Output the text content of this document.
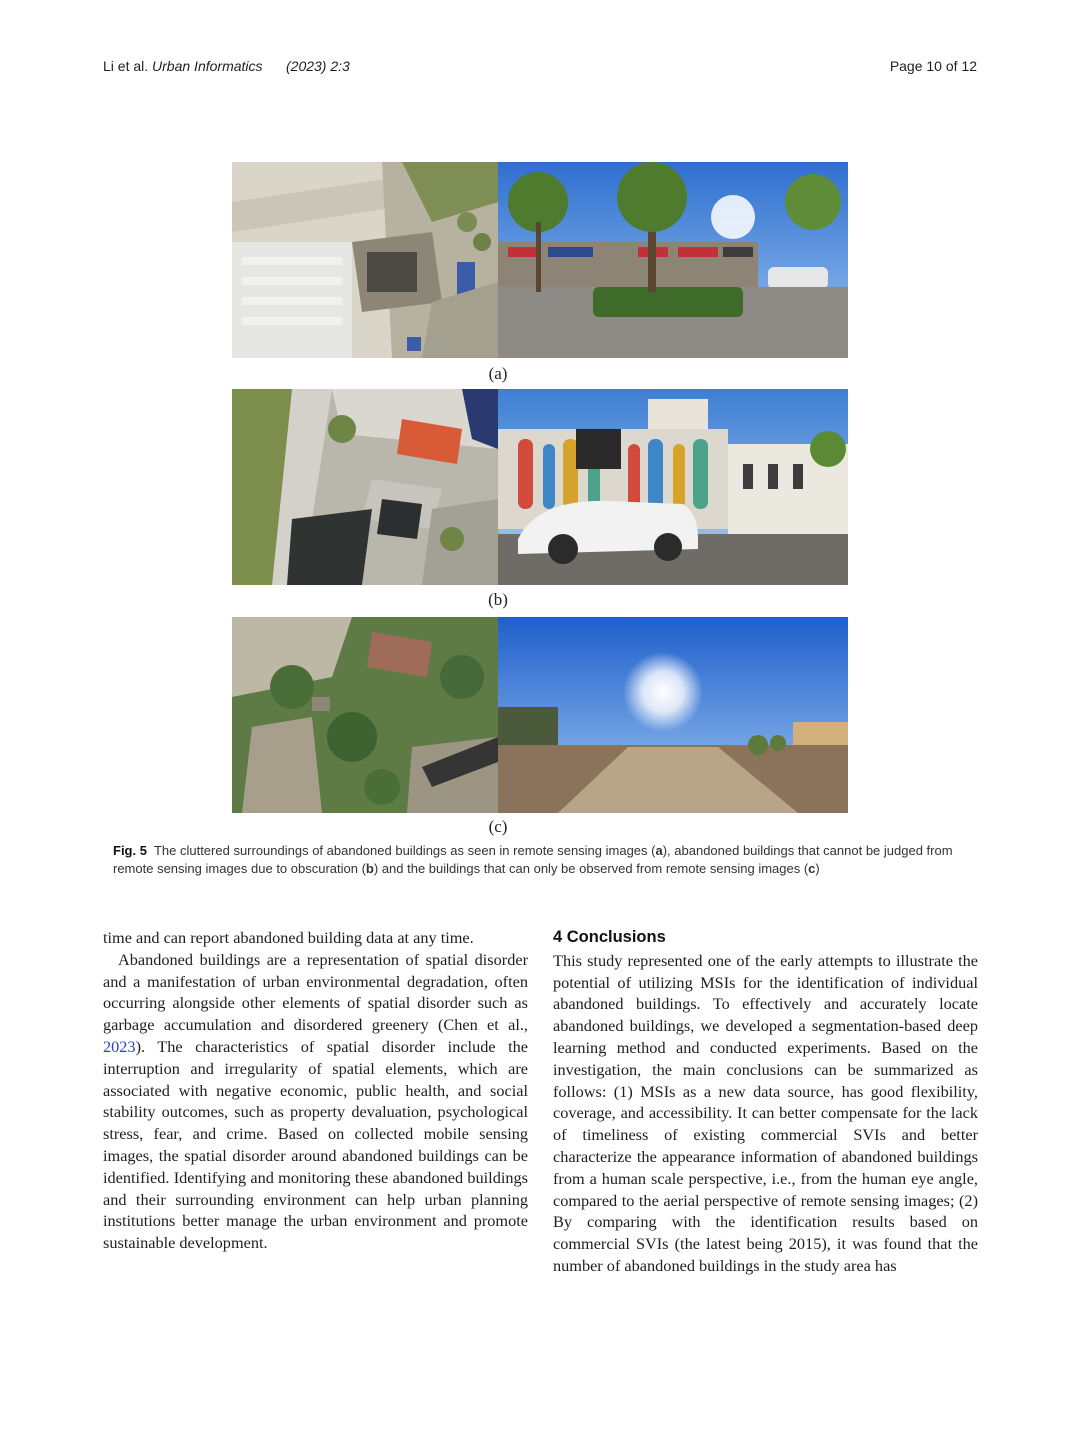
Li et al. Urban Informatics (2023) 2:3	Page 10 of 12
(a)
(b)
(c)
Fig. 5 The cluttered surroundings of abandoned buildings as seen in remote sensing images (a), abandoned buildings that cannot be judged from remote sensing images due to obscuration (b) and the buildings that can only be observed from remote sensing images (c)

time and can report abandoned building data at any time.

Abandoned buildings are a representation of spatial disorder and a manifestation of urban environmental degradation, often occurring alongside other elements of spatial disorder such as garbage accumulation and disordered greenery (Chen et al., 2023). The characteristics of spatial disorder include the interruption and irregularity of spatial elements, which are associated with negative economic, public health, and social stability outcomes, such as property devaluation, psychological stress, fear, and crime. Based on collected mobile sensing images, the spatial disorder around abandoned buildings can be identified. Identifying and monitoring these abandoned buildings and their surrounding environment can help urban planning institutions better manage the urban environment and promote sustainable development.

4 Conclusions

This study represented one of the early attempts to illustrate the potential of utilizing MSIs for the identification of individual abandoned buildings. To effectively and accurately locate abandoned buildings, we developed a segmentation-based deep learning method and conducted experiments. Based on the investigation, the main conclusions can be summarized as follows: (1) MSIs as a new data source, has good flexibility, coverage, and accessibility. It can better compensate for the lack of timeliness of existing commercial SVIs and better characterize the appearance information of abandoned buildings from a human scale perspective, i.e., from the human eye angle, compared to the aerial perspective of remote sensing images; (2) By comparing with the identification results based on commercial SVIs (the latest being 2015), it was found that the number of abandoned buildings in the study area has
